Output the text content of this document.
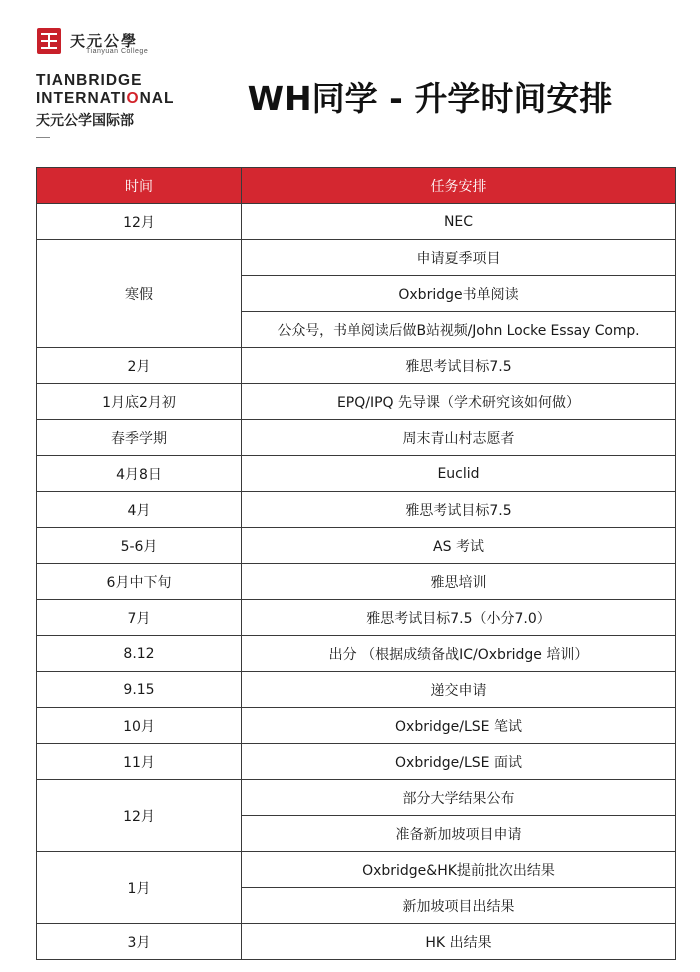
天元公學
Tianyuan College
TIANBRIDGE
INTERNATIONAL
天元公学国际部
WH同学 - 升学时间安排
时间	任务安排
12月	NEC
寒假	申请夏季项目
	Oxbridge书单阅读
	公众号，书单阅读后做B站视频/John Locke Essay Comp.
2月	雅思考试目标7.5
1月底2月初	EPQ/IPQ 先导课（学术研究该如何做）
春季学期	周末青山村志愿者
4月8日	Euclid
4月	雅思考试目标7.5
5-6月	AS 考试
6月中下旬	雅思培训
7月	雅思考试目标7.5（小分7.0）
8.12	出分 （根据成绩备战IC/Oxbridge 培训）
9.15	递交申请
10月	Oxbridge/LSE 笔试
11月	Oxbridge/LSE 面试
12月	部分大学结果公布
	准备新加坡项目申请
1月	Oxbridge&HK提前批次出结果
	新加坡项目出结果
3月	HK 出结果
